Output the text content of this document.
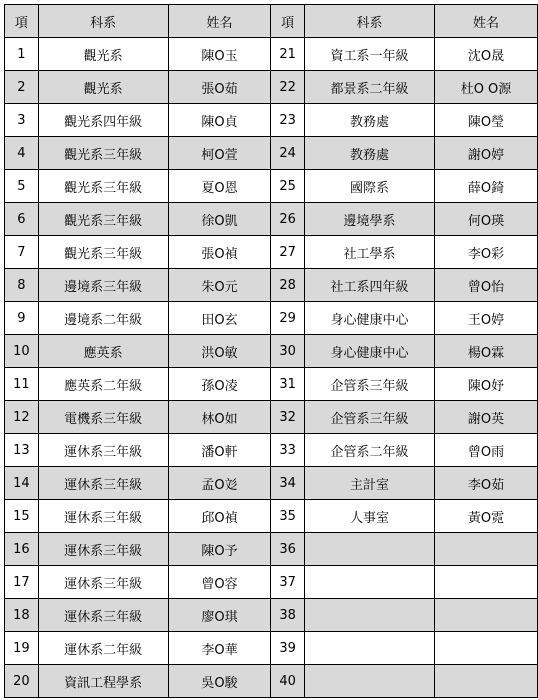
項	科系	姓名	項	科系	姓名
1	觀光系	陳O玉	21	資工系一年級	沈O晟
2	觀光系	張O茹	22	都景系二年級	杜O O源
3	觀光系四年級	陳O貞	23	教務處	陳O瑩
4	觀光系三年級	柯O萱	24	教務處	謝O婷
5	觀光系三年級	夏O恩	25	國際系	薛O錡
6	觀光系三年級	徐O凱	26	邊境學系	何O瑛
7	觀光系三年級	張O禎	27	社工學系	李O彩
8	邊境系三年級	朱O元	28	社工系四年級	曾O怡
9	邊境系二年級	田O玄	29	身心健康中心	王O婷
10	應英系	洪O敏	30	身心健康中心	楊O霖
11	應英系二年級	孫O凌	31	企管系三年級	陳O妤
12	電機系三年級	林O如	32	企管系三年級	謝O英
13	運休系三年級	潘O軒	33	企管系二年級	曾O雨
14	運休系三年級	孟O彣	34	主計室	李O茹
15	運休系三年級	邱O禎	35	人事室	黃O霓
16	運休系三年級	陳O予	36		
17	運休系三年級	曾O容	37		
18	運休系三年級	廖O琪	38		
19	運休系二年級	李O華	39		
20	資訊工程學系	吳O駿	40		
